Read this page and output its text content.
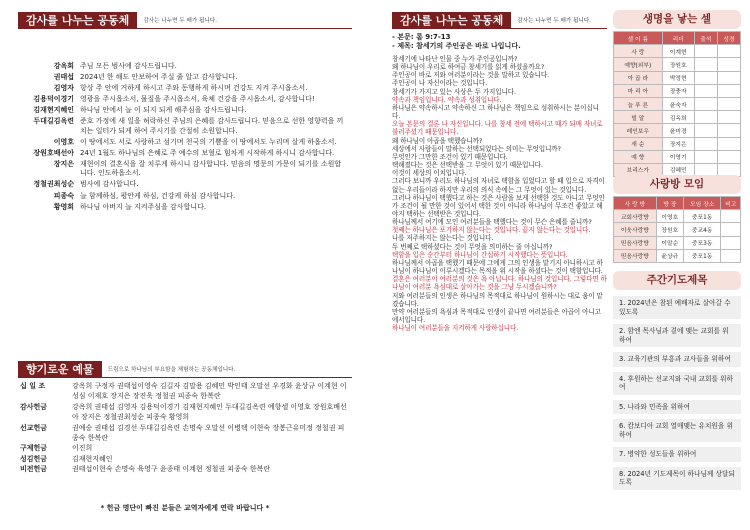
감사를 나누는 공동체	감사는 나누면 두 배가 됩니다.
강옥희 주님 모든 범사에 감사드립니다.
권태섭 2024년 한 해도 안보하여 주실 줄 알고 감사합니다.
김영자 항상 주 안에 거하게 하시고 주와 동행하게 하시며 건강도 지켜 주시옵소서.
김용덕이경기 영광을 주시옵소서, 물질을 주시옵소서, 육체 건강을 주시옵소서, 감사합니다!
김재현지혜인 하나님 안에서 늘 이 되지 되게 해주심을 감사드립니다.
두대길김옥련 준호 가정에 새 일을 허락하신 주님의 은혜를 감사드립니다. 믿음으로 선한 영향력을 끼치는 일터가 되게 하여 주시기를 간절히 소원합니다.
이영호 이 땅에서도 서로 사랑하고 섬기며 천국의 기쁨을 이 땅에서도 누리며 살게 하옵소서.
장원호배선아 24년 1월도 하나님의 은혜로 주 예수의 보혈로 힘차게 시작하게 하시니 감사합니다.
장지은 재현이의 결혼식을 잘 치루게 하시니 감사합니다. 믿음의 명문의 가문이 되기를 소원합니다. 인도하옵소서.
정철권최성순 범사에 감사합니다.
피종숙 늘 함께하심, 평안케 하심, 건강케 하심 감사합니다.
황영희 하나님 아버지 늘 지켜주심을 감사합니다.
향기로운 예물	드림으로 하나님의 부요함을 체험하는 공동체입니다.
십 일 조	강옥희 구정자 권태섭이영숙 김길자 김말용 김혜민 박인태 오말선 우경화 윤상규 이계현 이성심 이재호 장지은 장진욱 정철권 피종숙 한복란
감사헌금	강옥희 권태섭 김영자 김용덕이경기 김재현지혜인 두대길김옥련 예향셀 이영호 장원호배선아 장지은 정철권최성순 피종숙 황영희
선교헌금	권예숭 권태섭 김경선 두대길김옥련 손명숙 오말선 이병택 이현숙 장봉근유미정 정철권 피종숙 한복란
구제헌금	이진희
성김헌금	김재현지혜인
비전헌금	권태섭이현숙 손명숙 육영구 윤종태 이계현 정철권 피종숙 한복란
* 헌금 명단이 빠진 분들은 교역자에게 연락 바랍니다 *
감사를 나누는 공동체	감사는 나누면 두 배가 됩니다.
- 본문: 롬 9:7-13
- 제목: 참세기의 주인공은 바로 나입니다.

창세기에 나타난 인물 중 누가 주인공입니까?

왜 하나님이 우리로 하여금 창세기를 읽게 하셨을까요?

주인공이 바로 저와 여러분이라는 것을 말하고 있습니다.

주인공이 나 자신이라는 것입니다.

창세기가 가지고 있는 사상은 두 가지입니다.

약속과 책임입니다. 약속과 성취입니다.

하나님은 약속하시고 약속하신 그 하나님은 책임으로 성취하시는 분이십니다.

오늘 본문의 결론 나 자신입니다. 나를 창세 전에 택하시고 때가 되매 자녀로 불러주셨기 때문입니다.

왜 하나님이 아곱을 택했습니까?

세상에서 사람들이 말하는 선택되었다는 의미는 무엇입니까?

무엇인가 그만한 조건이 있기 때문입니다.

택해졌다는 것은 선택받을 그 무엇이 있기 때문입니다.

이것이 세상의 이치입니다.

그러다 보니까 우리도 하나님의 자녀로 택함을 입었다고 할 때 입으로 자격이 없는 우리들이라 하지만 우리의 의식 속에는 그 무엇이 있는 것입니다.

그러나 하나님이 택했다고 하는 것은 사람을 보게 선택한 것도 아니고 무엇인가 조건이 될 만한 것이 있어서 택한 것이 아니라 하나님이 무조건 좋았고 해야지 택하는 선택받은 것입니다.

하나님께서 여기에 모인 여러분들을 택했다는 것이 무슨 은혜를 줍니까?

첫째는 하나님은 포기하지 않는다는 것입니다. 끝지 않는다는 것입니다.

나를 저주하지는 않는다는 것입니다.

두 번째로 택하셨다는 것이 무엇을 의미하는 줄 아십니까?

택함을 입은 순간부터 하나님이 간섭하기 시작했다는 뜻입니다.

하나님께서 아곱을 택했기 때문에 그에게 그의 인생을 맡기지 아니하시고 하나님이 하나님이 이루시겠다는 목적을 위 시작을 하셨다는 것이 택함입니다.

결혼은 여러분이 여러분의 것은 욕 아닙니다. 하나님의 것입니다. 그렇다면 하나님이 여러분 욕심대로 살아가는 것을 그냥 두시겠습니까?

저와 여러분들의 인생은 하나님의 목적대로 하나님이 원하시는 대로 움이 맡겼습니다.

만약 여러분들의 욕심과 목적대로 인생이 끝나면 여러분들은 아곱이 아니고 에서입니다.

하나님이 여러분들을 지켜하게 사랑하십니다.

생명을 낳는 셀
셀 이 름	리더	출석	성경
사 랑	이계현		
예향(외부)	장원호		
아 곱 라	박정현		
마 리 아	장충자		
늘 푸 른	윤숙자		
빌 알	김옥희		
레인보우	윤미경		
새 순	장지은		
예 향	이영기		
브리스가	김혜민		
사랑방 모임
사 랑 방	방 장	모임 장소	비고
교회사랑방	이영호	중포1동	
이웃사랑방	장원호	중교4동	
믿음사랑방	이말순	중포3동	
믿음사랑방	윤상규	중포1동	
주간기도제목
1. 2024년은 참된 예배자로 살아갈 수 있도록
2. 함엔 목사님과 곁에 맺는 교회를 위하여
3. 교육기관의 부흥과 교사들을 위하여
4. 후원하는 선교지와 국내 교회를 위하여
5. 나라와 민족을 위하여
6. 캄보디아 교회 열매맺는 유치원을 위하여
7. 병약한 성도들을 위하여
8. 2024년 기도제목이 하나님께 상달되도록
